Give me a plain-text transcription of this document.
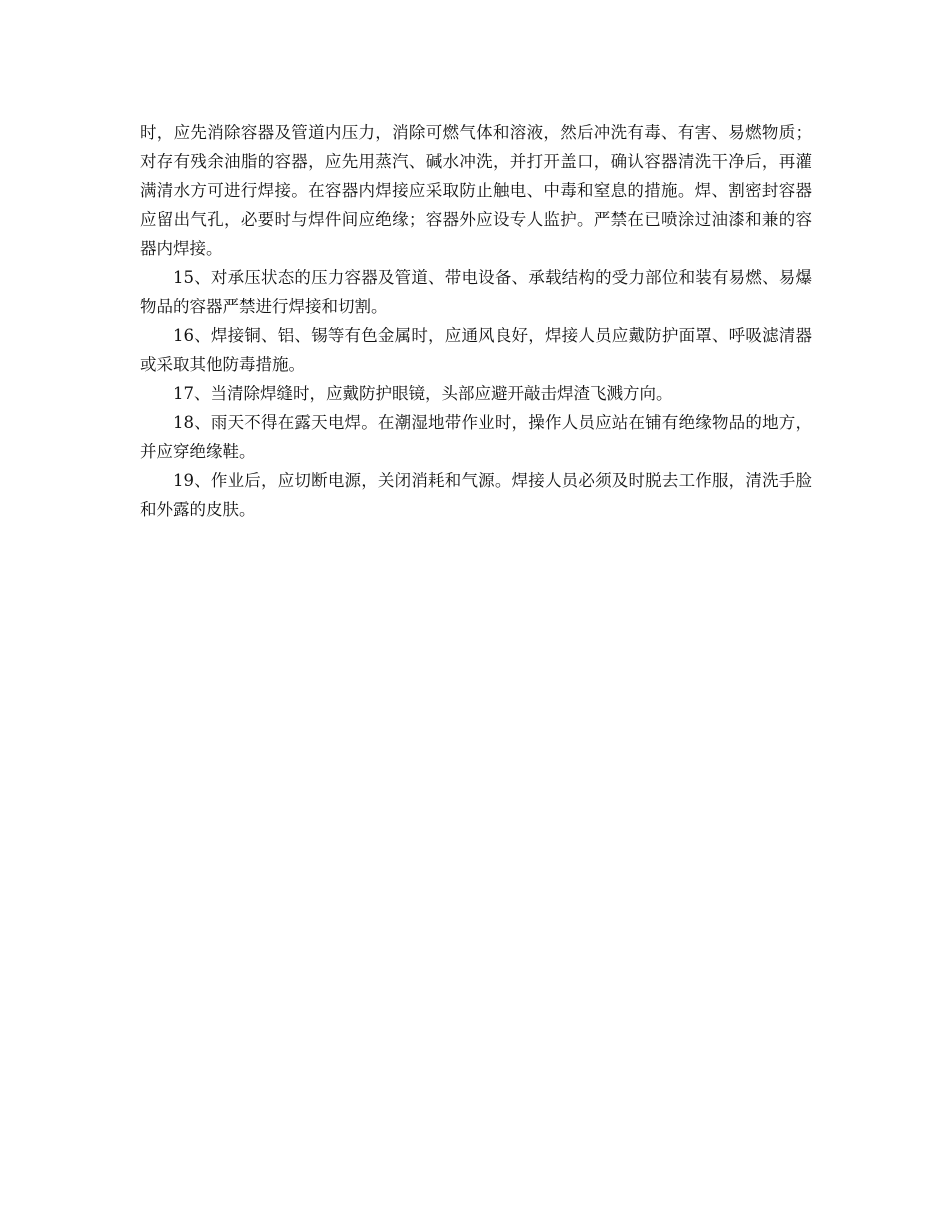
时，应先消除容器及管道内压力，消除可燃气体和溶液，然后冲洗有毒、有害、易燃物质；对存有残余油脂的容器，应先用蒸汽、碱水冲洗，并打开盖口，确认容器清洗干净后，再灌满清水方可进行焊接。在容器内焊接应采取防止触电、中毒和窒息的措施。焊、割密封容器应留出气孔，必要时与焊件间应绝缘；容器外应设专人监护。严禁在已喷涂过油漆和兼的容器内焊接。

15、对承压状态的压力容器及管道、带电设备、承载结构的受力部位和装有易燃、易爆物品的容器严禁进行焊接和切割。

16、焊接铜、铝、锡等有色金属时，应通风良好，焊接人员应戴防护面罩、呼吸滤清器或采取其他防毒措施。

17、当清除焊缝时，应戴防护眼镜，头部应避开敲击焊渣飞溅方向。

18、雨天不得在露天电焊。在潮湿地带作业时，操作人员应站在铺有绝缘物品的地方，并应穿绝缘鞋。

19、作业后，应切断电源，关闭消耗和气源。焊接人员必须及时脱去工作服，清洗手脸和外露的皮肤。
